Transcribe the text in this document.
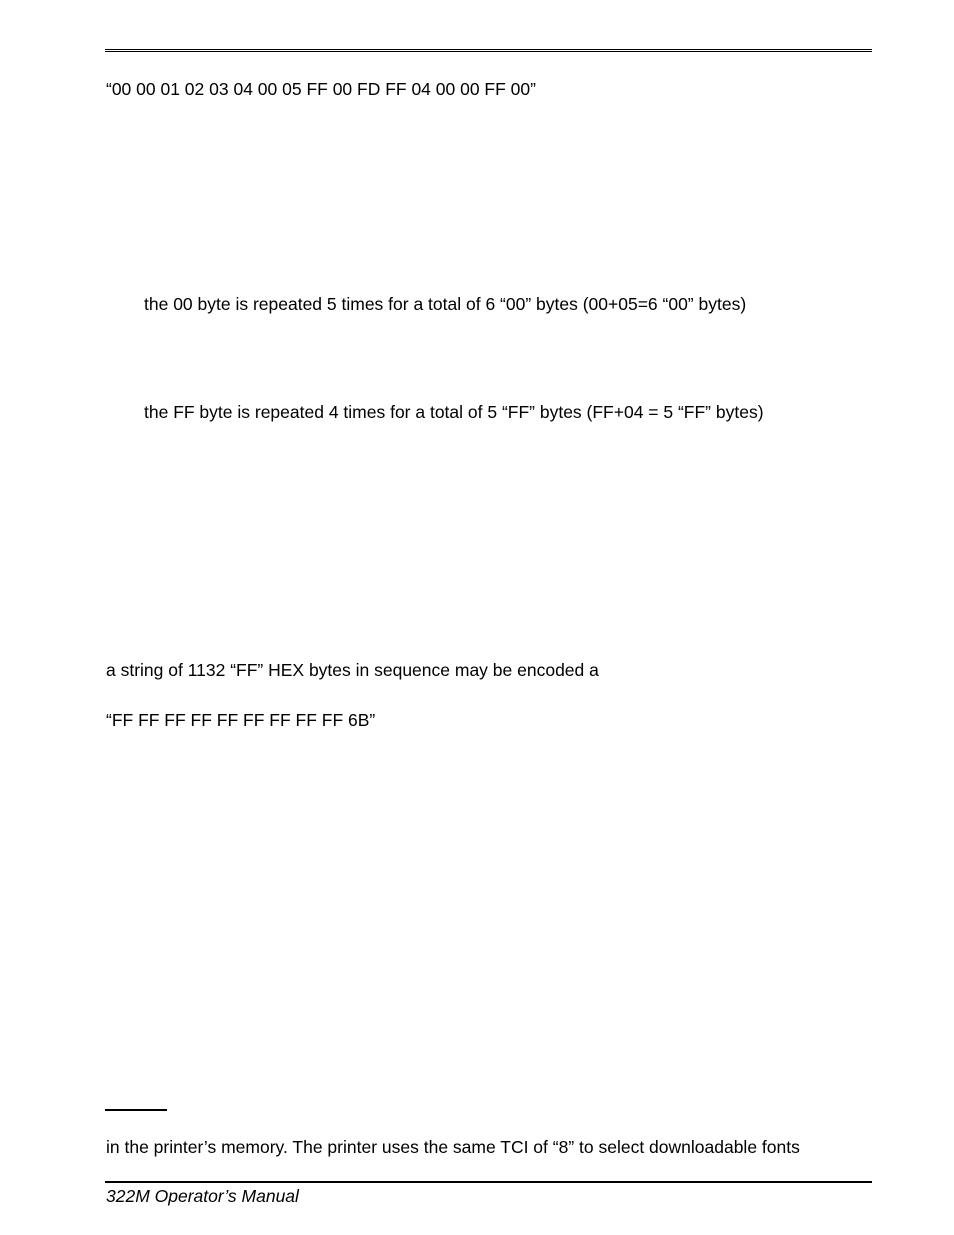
“00 00 01 02 03 04 00 05 FF 00 FD FF 04 00 00 FF 00”
the 00 byte is repeated 5 times for a total of 6 “00” bytes (00+05=6 “00” bytes)
the FF byte is repeated 4 times for a total of 5 “FF” bytes (FF+04 = 5 “FF” bytes)
a string of 1132 “FF” HEX bytes in sequence may be encoded a
“FF FF FF FF FF FF FF FF FF 6B”
in the printer’s memory. The printer uses the same TCI of “8” to select downloadable fonts
322M Operator’s Manual
